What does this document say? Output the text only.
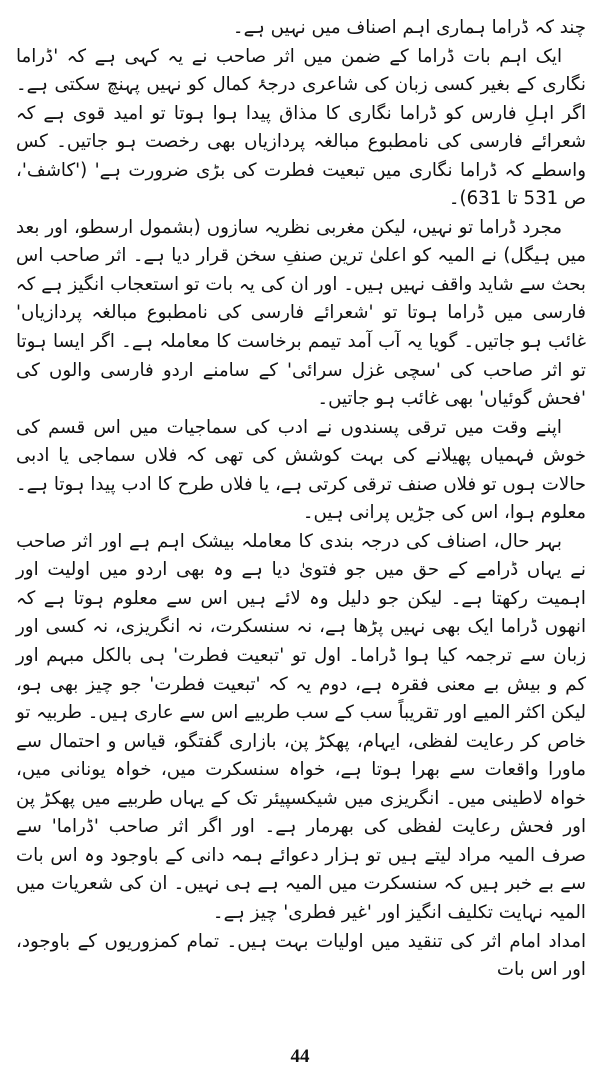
چند کہ ڈراما ہماری اہم اصناف میں نہیں ہے۔

ایک اہم بات ڈراما کے ضمن میں اثر صاحب نے یہ کہی ہے کہ 'ڈراما نگاری کے بغیر کسی زبان کی شاعری درجۂ کمال کو نہیں پہنچ سکتی ہے۔ اگر اہلِ فارس کو ڈراما نگاری کا مذاق پیدا ہوا ہوتا تو امید قوی ہے کہ شعرائے فارسی کی نامطبوع مبالغہ پردازیاں بھی رخصت ہو جاتیں۔ کس واسطے کہ ڈراما نگاری میں تبعیت فطرت کی بڑی ضرورت ہے' ('کاشف'، ص 531 تا 631)۔

مجرد ڈراما تو نہیں، لیکن مغربی نظریہ سازوں (بشمول ارسطو، اور بعد میں ہیگل) نے المیہ کو اعلیٰ ترین صنفِ سخن قرار دیا ہے۔ اثر صاحب اس بحث سے شاید واقف نہیں ہیں۔ اور ان کی یہ بات تو استعجاب انگیز ہے کہ فارسی میں ڈراما ہوتا تو 'شعرائے فارسی کی نامطبوع مبالغہ پردازیاں' غائب ہو جاتیں۔ گویا یہ آب آمد تیمم برخاست کا معاملہ ہے۔ اگر ایسا ہوتا تو اثر صاحب کی 'سچی غزل سرائی' کے سامنے اردو فارسی والوں کی 'فحش گوئیاں' بھی غائب ہو جاتیں۔

اپنے وقت میں ترقی پسندوں نے ادب کی سماجیات میں اس قسم کی خوش فہمیاں پھیلانے کی بہت کوشش کی تھی کہ فلاں سماجی یا ادبی حالات ہوں تو فلاں صنف ترقی کرتی ہے، یا فلاں طرح کا ادب پیدا ہوتا ہے۔ معلوم ہوا، اس کی جڑیں پرانی ہیں۔

بہر حال، اصناف کی درجہ بندی کا معاملہ بیشک اہم ہے اور اثر صاحب نے یہاں ڈرامے کے حق میں جو فتویٰ دیا ہے وہ بھی اردو میں اولیت اور اہمیت رکھتا ہے۔ لیکن جو دلیل وہ لائے ہیں اس سے معلوم ہوتا ہے کہ انھوں ڈراما ایک بھی نہیں پڑھا ہے، نہ سنسکرت، نہ انگریزی، نہ کسی اور زبان سے ترجمہ کیا ہوا ڈراما۔ اول تو 'تبعیت فطرت' ہی بالکل مبہم اور کم و بیش بے معنی فقرہ ہے، دوم یہ کہ 'تبعیت فطرت' جو چیز بھی ہو، لیکن اکثر المیے اور تقریباً سب کے سب طربیے اس سے عاری ہیں۔ طربیہ تو خاص کر رعایت لفظی، ایہام، پھکڑ پن، بازاری گفتگو، قیاس و احتمال سے ماورا واقعات سے بھرا ہوتا ہے، خواہ سنسکرت میں، خواہ یونانی میں، خواہ لاطینی میں۔ انگریزی میں شیکسپیئر تک کے یہاں طربیے میں پھکڑ پن اور فحش رعایت لفظی کی بھرمار ہے۔ اور اگر اثر صاحب 'ڈراما' سے صرف المیہ مراد لیتے ہیں تو ہزار دعوائے ہمہ دانی کے باوجود وہ اس بات سے بے خبر ہیں کہ سنسکرت میں المیہ ہے ہی نہیں۔ ان کی شعریات میں المیہ نہایت تکلیف انگیز اور 'غیر فطری' چیز ہے۔

امداد امام اثر کی تنقید میں اولیات بہت ہیں۔ تمام کمزوریوں کے باوجود، اور اس بات

44
